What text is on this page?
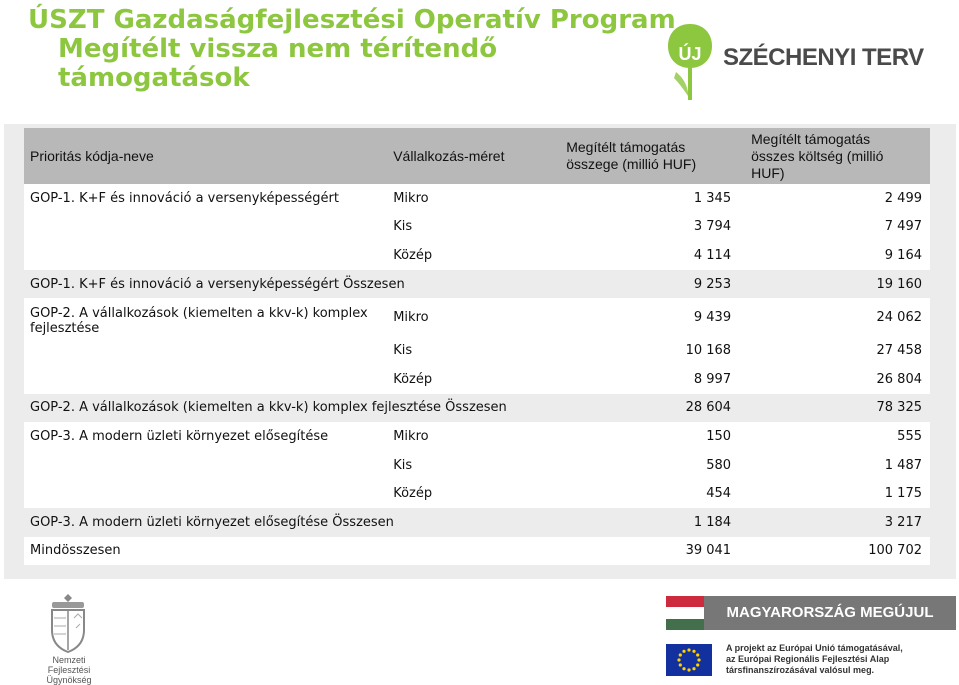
ÚSZT Gazdaságfejlesztési Operatív Program
Megítélt vissza nem térítendő
támogatások
ÚJ SZÉCHENYI TERV
Prioritás kódja-neve	Vállalkozás-méret	Megítélt támogatás összege (millió HUF)	Megítélt támogatás összes költség (millió HUF)
GOP-1. K+F és innováció a versenyképességért	Mikro	1 345	2 499
	Kis	3 794	7 497
	Közép	4 114	9 164
GOP-1. K+F és innováció a versenyképességért Összesen		9 253	19 160
GOP-2. A vállalkozások (kiemelten a kkv-k) komplex fejlesztése	Mikro	9 439	24 062
	Kis	10 168	27 458
	Közép	8 997	26 804
GOP-2. A vállalkozások (kiemelten a kkv-k) komplex fejlesztése Összesen		28 604	78 325
GOP-3. A modern üzleti környezet elősegítése	Mikro	150	555
	Kis	580	1 487
	Közép	454	1 175
GOP-3. A modern üzleti környezet elősegítése Összesen		1 184	3 217
Mindösszesen		39 041	100 702
Nemzeti
Fejlesztési Ügynökség
MAGYARORSZÁG MEGÚJUL
A projekt az Európai Unió támogatásával,
az Európai Regionális Fejlesztési Alap
társfinanszírozásával valósul meg.
